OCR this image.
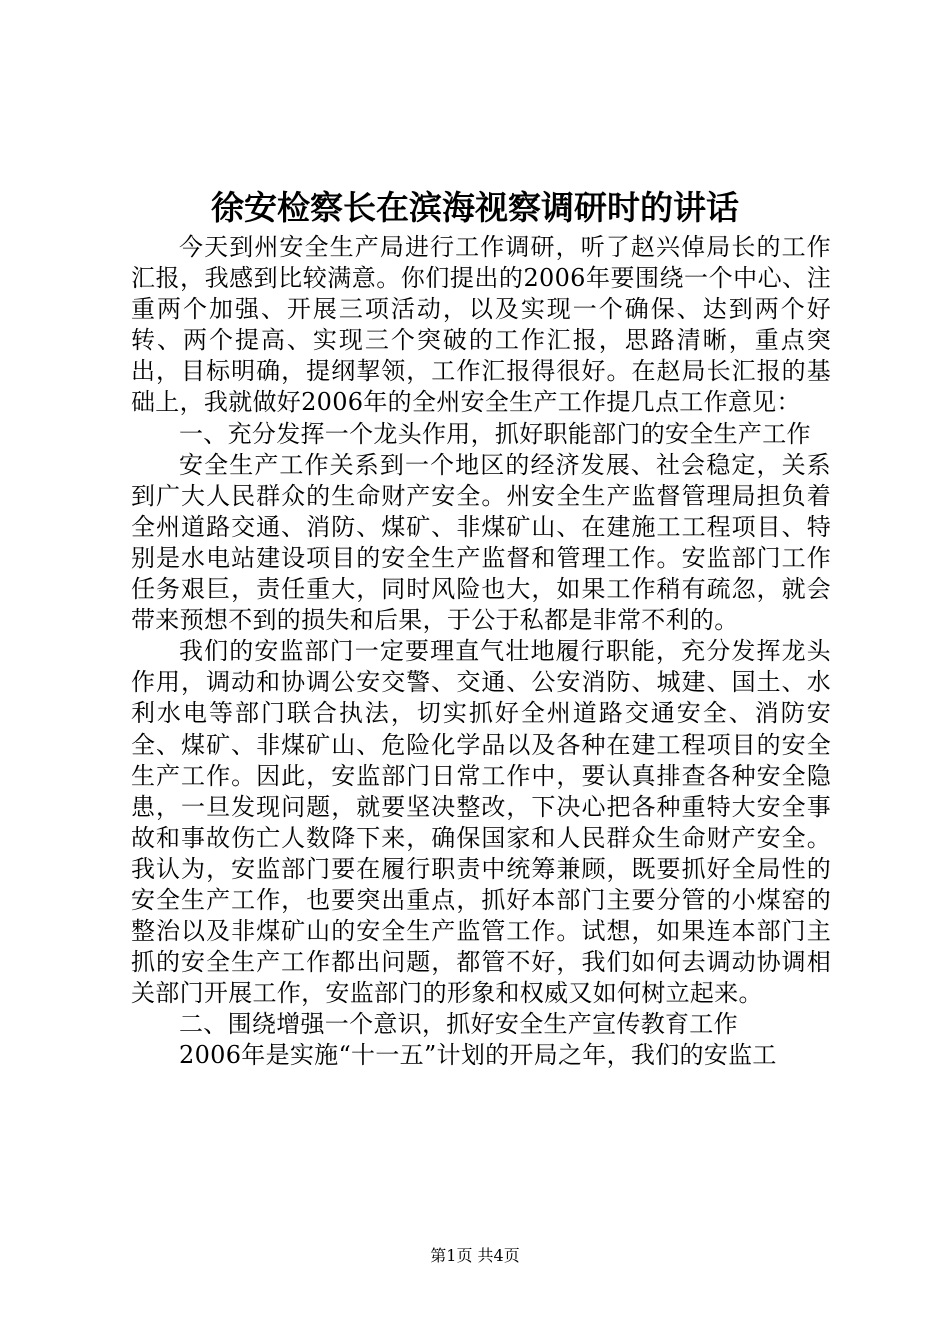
徐安检察长在滨海视察调研时的讲话

今天到州安全生产局进行工作调研，听了赵兴倬局长的工作汇报，我感到比较满意。你们提出的2006年要围绕一个中心、注重两个加强、开展三项活动，以及实现一个确保、达到两个好转、两个提高、实现三个突破的工作汇报，思路清晰，重点突出，目标明确，提纲挈领，工作汇报得很好。在赵局长汇报的基础上，我就做好2006年的全州安全生产工作提几点工作意见：

一、充分发挥一个龙头作用，抓好职能部门的安全生产工作

安全生产工作关系到一个地区的经济发展、社会稳定，关系到广大人民群众的生命财产安全。州安全生产监督管理局担负着全州道路交通、消防、煤矿、非煤矿山、在建施工工程项目、特别是水电站建设项目的安全生产监督和管理工作。安监部门工作任务艰巨，责任重大，同时风险也大，如果工作稍有疏忽，就会带来预想不到的损失和后果，于公于私都是非常不利的。

我们的安监部门一定要理直气壮地履行职能，充分发挥龙头作用，调动和协调公安交警、交通、公安消防、城建、国土、水利水电等部门联合执法，切实抓好全州道路交通安全、消防安全、煤矿、非煤矿山、危险化学品以及各种在建工程项目的安全生产工作。因此，安监部门日常工作中，要认真排查各种安全隐患，一旦发现问题，就要坚决整改，下决心把各种重特大安全事故和事故伤亡人数降下来，确保国家和人民群众生命财产安全。我认为，安监部门要在履行职责中统筹兼顾，既要抓好全局性的安全生产工作，也要突出重点，抓好本部门主要分管的小煤窑的整治以及非煤矿山的安全生产监管工作。试想，如果连本部门主抓的安全生产工作都出问题，都管不好，我们如何去调动协调相关部门开展工作，安监部门的形象和权威又如何树立起来。

二、围绕增强一个意识，抓好安全生产宣传教育工作

2006年是实施“十一五”计划的开局之年，我们的安监工

第1页 共4页
